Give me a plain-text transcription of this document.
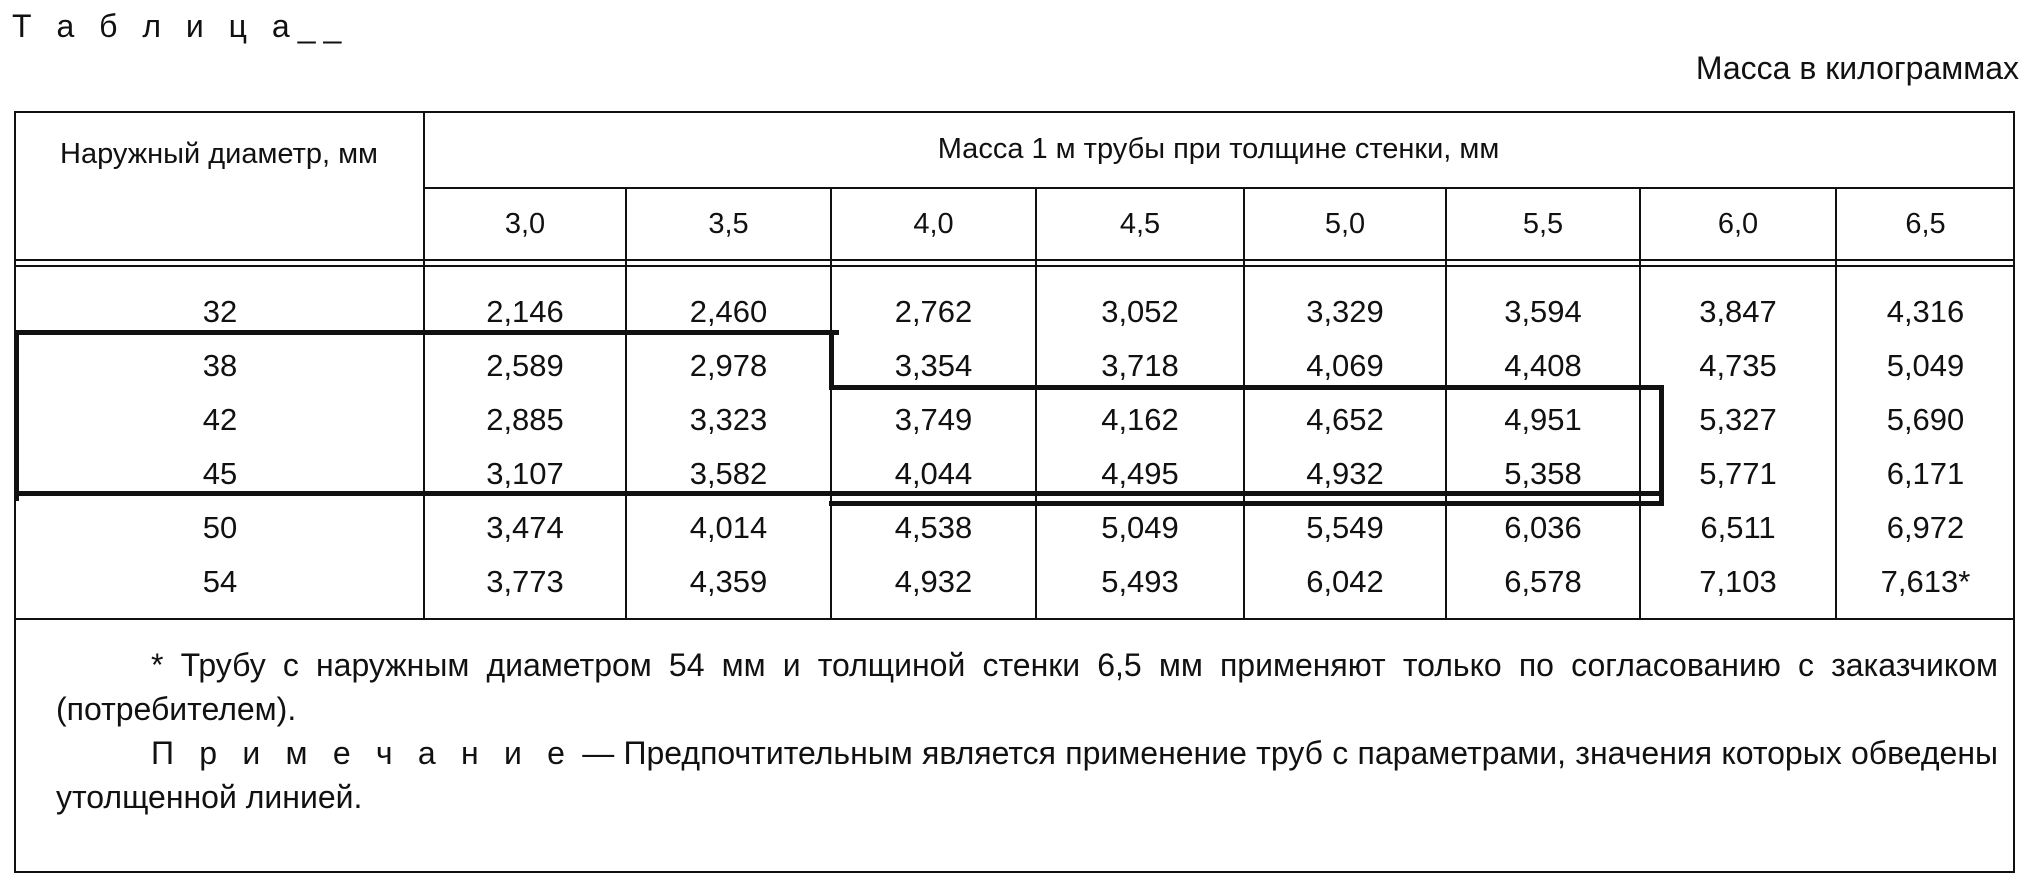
Т а б л и ц а__
Масса в килограммах
Наружный диаметр, мм	Масса 1 м трубы при толщине стенки, мм
3,0	3,5	4,0	4,5	5,0	5,5	6,0	6,5
32	2,146	2,460	2,762	3,052	3,329	3,594	3,847	4,316
38	2,589	2,978	3,354	3,718	4,069	4,408	4,735	5,049
42	2,885	3,323	3,749	4,162	4,652	4,951	5,327	5,690
45	3,107	3,582	4,044	4,495	4,932	5,358	5,771	6,171
50	3,474	4,014	4,538	5,049	5,549	6,036	6,511	6,972
54	3,773	4,359	4,932	5,493	6,042	6,578	7,103	7,613*

* Трубу с наружным диаметром 54 мм и толщиной стенки 6,5 мм применяют только по согласованию с заказчиком (потребителем).

П р и м е ч а н и е — Предпочтительным является применение труб с параметрами, значения которых обведены утолщенной линией.
